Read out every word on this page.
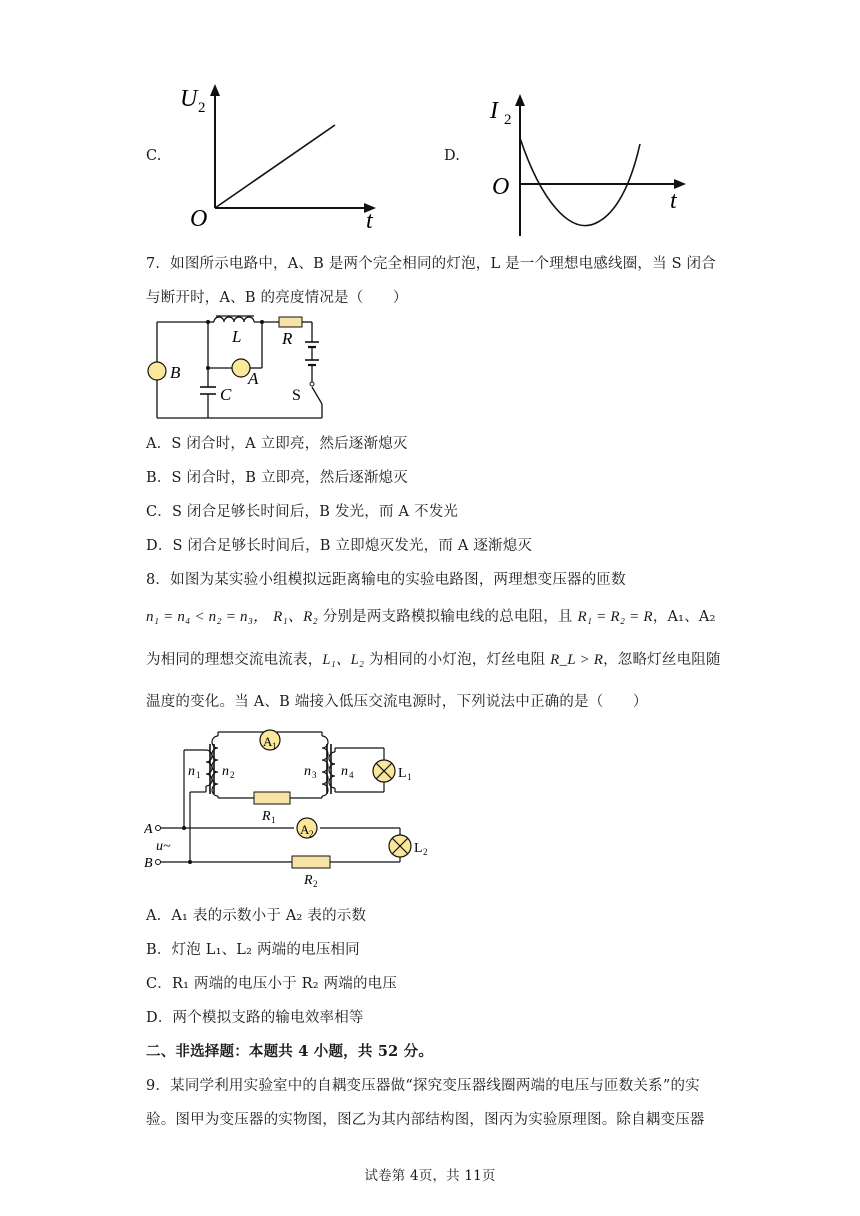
C.
U 2
O	t
D.
I 2
O
t
7．如图所示电路中，A、B 是两个完全相同的灯泡，L 是一个理想电感线圈，当 S 闭合
与断开时，A、B 的亮度情况是（　　）
L R
B	A
C	S
A．S 闭合时，A 立即亮，然后逐渐熄灭
B．S 闭合时，B 立即亮，然后逐渐熄灭
C．S 闭合足够长时间后，B 发光，而 A 不发光
D．S 闭合足够长时间后，B 立即熄灭发光，而 A 逐渐熄灭
8．如图为某实验小组模拟远距离输电的实验电路图，两理想变压器的匝数
n₁ = n₄ < n₂ = n₃， R₁、R₂ 分别是两支路模拟输电线的总电阻，且 R₁ = R₂ = R，A₁、A₂
为相同的理想交流电流表，L₁、L₂ 为相同的小灯泡，灯丝电阻 R_L > R，忽略灯丝电阻随
温度的变化。当 A、B 端接入低压交流电源时，下列说法中正确的是（　　）
A 1
R 1
L 1
A 2
L 2
R 2
A
B
u~
n 1 n 2	n 3 n 4
A．A₁ 表的示数小于 A₂ 表的示数
B．灯泡 L₁、L₂ 两端的电压相同
C．R₁ 两端的电压小于 R₂ 两端的电压
D．两个模拟支路的输电效率相等
二、非选择题：本题共 4 小题，共 52 分。
9．某同学利用实验室中的自耦变压器做“探究变压器线圈两端的电压与匝数关系”的实
验。图甲为变压器的实物图，图乙为其内部结构图，图丙为实验原理图。除自耦变压器
试卷第 4页，共 11页
